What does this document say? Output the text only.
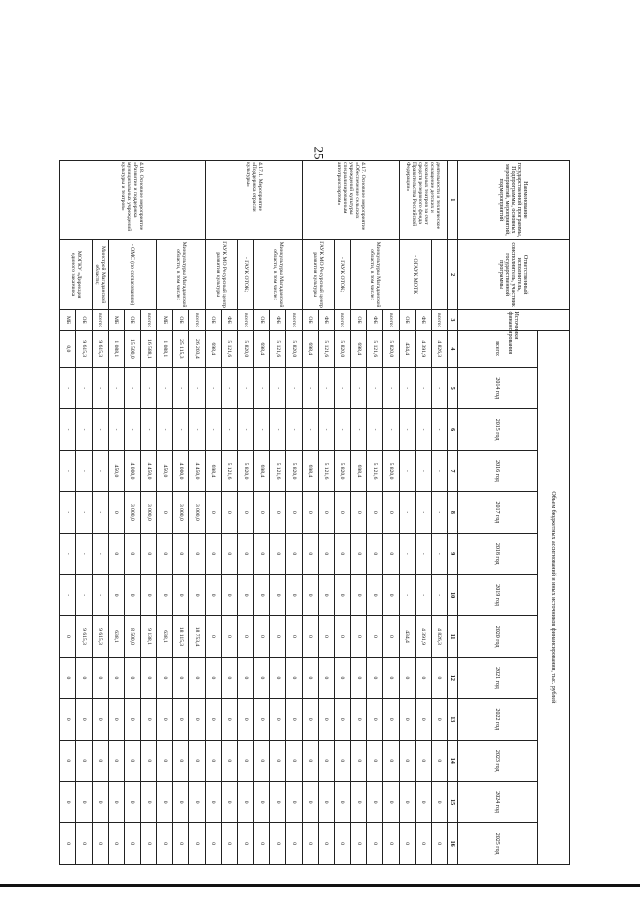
25
Наименование государственной программы, Подпрограммы, основных мероприятий, мероприятий, подмероприятий	Ответственный исполнитель, соисполнитель, участник государственной программы	Источники финансирования	Объем бюджетных ассигнований и иных источников финансирования, тыс. рублей												
			всего:	2014 год	2015 год	2016 год	2017 год	2018 год	2019 год	2020 год	2021 год	2022 год	2023 год	2024 год	2025 год
1	2	3	4	5	6	7	8	9	10	11	12	13	14	15	16
деятельности и техническое оснащение детских и кукольных театров за счет средств резервного фонда Правительства Российской Федерации»		всего:	4 826,3	-	-	-	-	-	-	4 826,3	0	0	0	0	0
	- ОГАУК МОТК	ФБ	4 391,9	-	-	-	-	-	-	4 391,9	0	0	0	0	0
		ОБ	434,4	-	-	-	-	-	-	434,4	0	0	0	0	0
4.17. Основное мероприятие «Обеспечение сельских учреждений культуры специализированным автотранспортом»	Минкультуры Магаданской области, в том числе:	всего:	5 820,0	-	-	5 820,0	0	0	0	0	0	0	0	0	0
		ФБ	5 121,6	-	-	5 121,6	0	0	0	0	0	0	0	0	0
		ОБ	698,4	-	-	698,4	0	0	0	0	0	0	0	0	0
	- ГАУК ОТОК;	всего:	5 820,0	-	-	5 820,0	0	0	0	0	0	0	0	0	0
	ГАУК МО Ресурсный центр развития культуры	ФБ	5 121,6	-	-	5 121,6	0	0	0	0	0	0	0	0	0
		ОБ	698,4	-	-	698,4	0	0	0	0	0	0	0	0	0
4.17.1. Мероприятие «Поддержка отрасли культуры»	Минкультуры Магаданской области, в том числе:	всего:	5 820,0	-	-	5 820,0	0	0	0	0	0	0	0	0	0
		ФБ	5 121,6	-	-	5 121,6	0	0	0	0	0	0	0	0	0
		ОБ	698,4	-	-	698,4	0	0	0	0	0	0	0	0	0
	- ГАУК ОТОК;	всего:	5 820,0	-	-	5 820,0	0	0	0	0	0	0	0	0	0
	ГАУК МО Ресурсный центр развития культуры	ФБ	5 121,6	-	-	5 121,6	0	0	0	0	0	0	0	0	0
		ОБ	698,4	-	-	698,4	0	0	0	0	0	0	0	0	0
4.18. Основное мероприятие «Развитие и поддержка муниципальных учреждений культуры и театров»	Минкультуры Магаданской области, в том числе:	всего:	26 203,4	-	-	4 450,0	3 000,0	0	0	18 753,4	0	0	0	0	0
		ОБ	25 115,3	-	-	4 000,0	3 000,0	0	0	18 115,3	0	0	0	0	0
		МБ	1 088,1	-	-	450,0	0	0	0	638,1	0	0	0	0	0
	- ОМС (по согласованию)	всего:	16 588,1	-	-	4 450,0	3 000,0	0	0	9 138,1	0	0	0	0	0
		ОБ	15 500,0	-	-	4 000,0	3 000,0	0	0	8 500,0	0	0	0	0	0
		МБ	1 088,1	-	-	450,0	0	0	0	638,1	0	0	0	0	0
	Минстрой Магаданской области;	всего:	9 615,3	-	-	-	-	-	-	9 615,3	0	0	0	0	0
	МОГКУ «Дирекция единого заказчика	ОБ	9 615,3	-	-	-	-	-	-	9 615,3	0	0	0	0	0
		МБ	0,0	-	-	-	-	-	-	0	0	0	0	0	0
